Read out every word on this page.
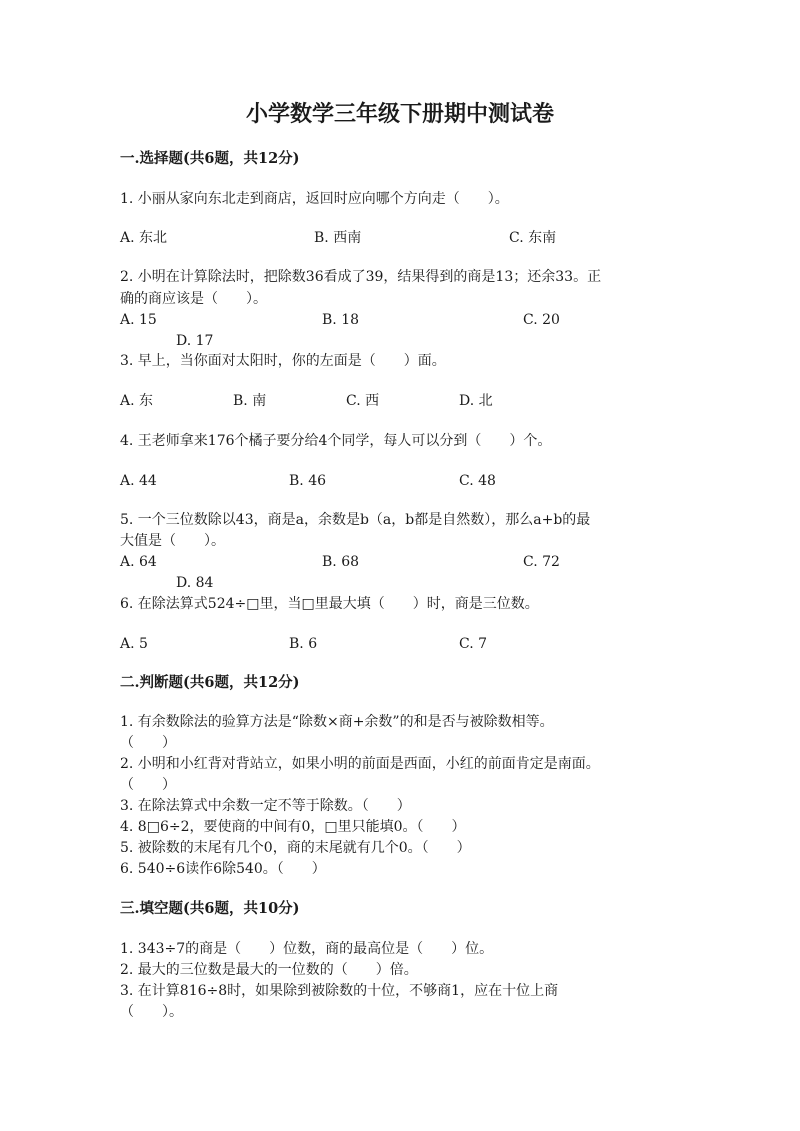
小学数学三年级下册期中测试卷
一.选择题(共6题，共12分)
1. 小丽从家向东北走到商店，返回时应向哪个方向走（　　）。
A. 东北	B. 西南	C. 东南
2. 小明在计算除法时，把除数36看成了39，结果得到的商是13；还余33。正
确的商应该是（　　）。
A. 15	B. 18	C. 20
D. 17
3. 早上，当你面对太阳时，你的左面是（　　）面。
A. 东	B. 南	C. 西	D. 北
4. 王老师拿来176个橘子要分给4个同学，每人可以分到（　　）个。
A. 44	B. 46	C. 48
5. 一个三位数除以43，商是a，余数是b（a，b都是自然数），那么a+b的最
大值是（　　）。
A. 64	B. 68	C. 72
D. 84
6. 在除法算式524÷□里，当□里最大填（　　）时，商是三位数。
A. 5	B. 6	C. 7
二.判断题(共6题，共12分)
1. 有余数除法的验算方法是“除数×商+余数”的和是否与被除数相等。
（　　）
2. 小明和小红背对背站立，如果小明的前面是西面，小红的前面肯定是南面。
（　　）
3. 在除法算式中余数一定不等于除数。（　　）
4. 8□6÷2，要使商的中间有0，□里只能填0。（　　）
5. 被除数的末尾有几个0，商的末尾就有几个0。（　　）
6. 540÷6读作6除540。（　　）
三.填空题(共6题，共10分)
1. 343÷7的商是（　　）位数，商的最高位是（　　）位。
2. 最大的三位数是最大的一位数的（　　）倍。
3. 在计算816÷8时，如果除到被除数的十位，不够商1，应在十位上商
（　　）。
